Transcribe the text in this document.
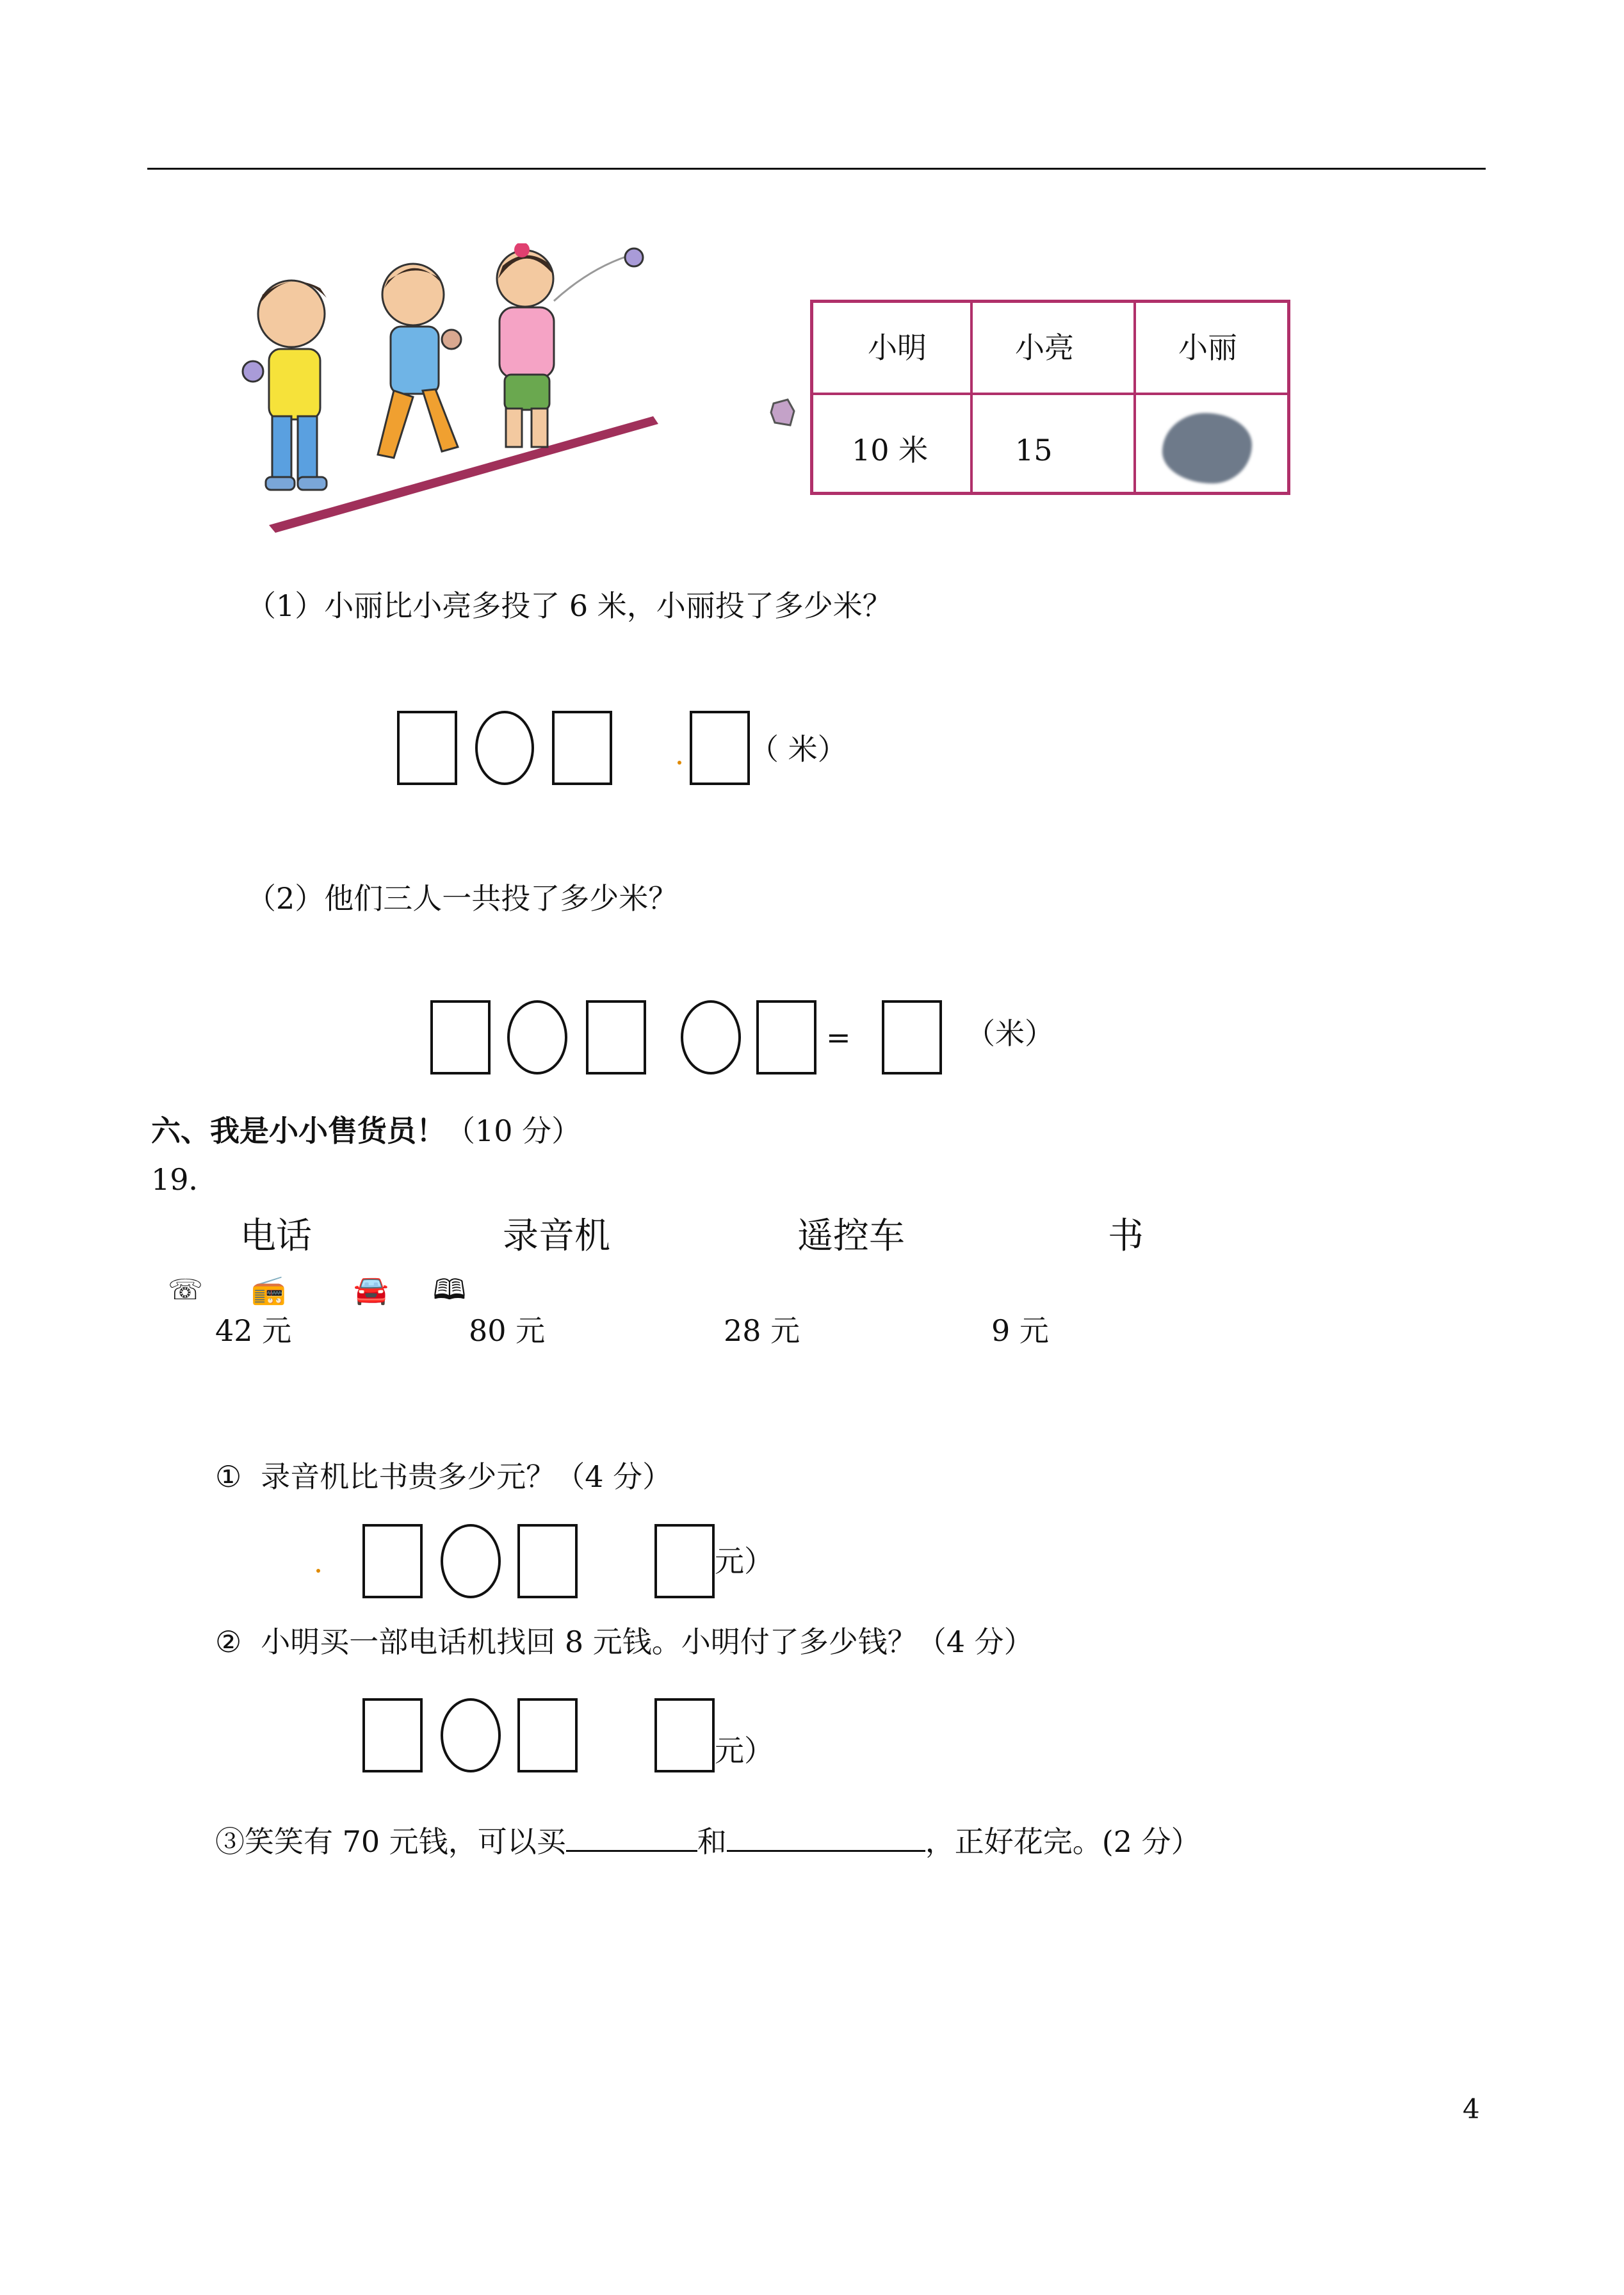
小明	小亮	小丽
10 米	15
（1）小丽比小亮多投了 6 米，小丽投了多少米？
（ 米）
（2）他们三人一共投了多少米？
=	（米）
六、我是小小售货员！（10 分）
19．
电话	录音机	遥控车	书
☏ 📻 🚘 🕮
42 元	80 元	28 元	9 元
① 录音机比书贵多少元？（4 分）
元）
② 小明买一部电话机找回 8 元钱。小明付了多少钱？（4 分）
元）
③笑笑有 70 元钱，可以买	和	，正好花完。(2 分）
4
